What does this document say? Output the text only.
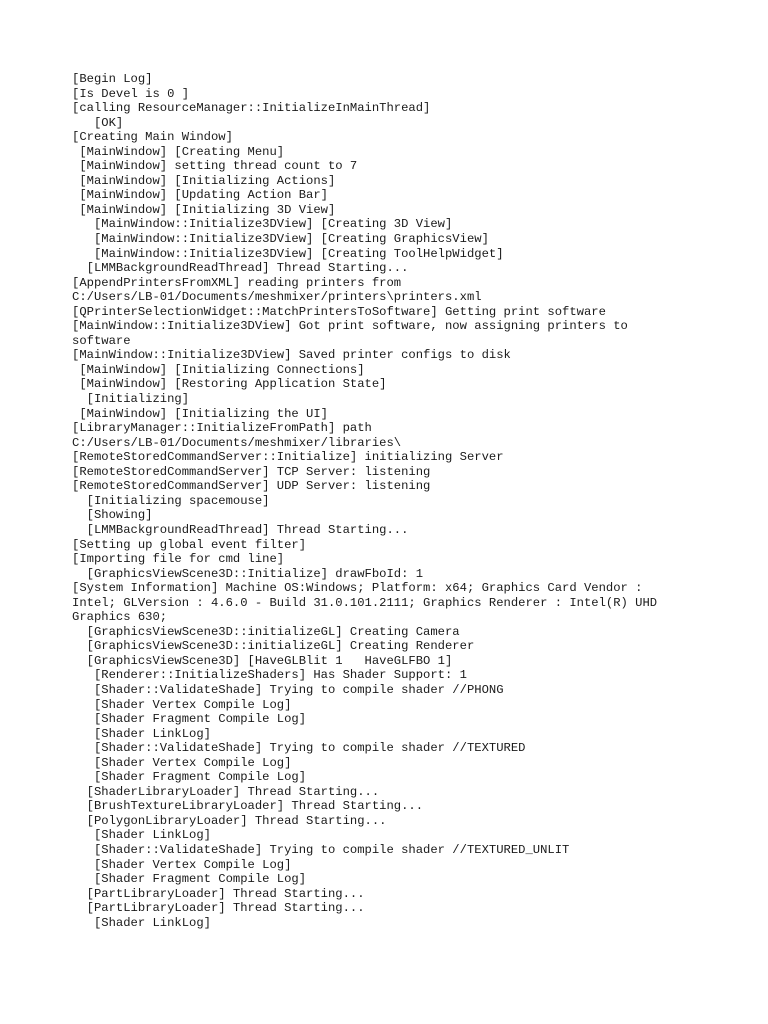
[Begin Log]
[Is Devel is 0 ]
[calling ResourceManager::InitializeInMainThread]
[OK]
[Creating Main Window]
[MainWindow] [Creating Menu]
[MainWindow] setting thread count to 7
[MainWindow] [Initializing Actions]
[MainWindow] [Updating Action Bar]
[MainWindow] [Initializing 3D View]
[MainWindow::Initialize3DView] [Creating 3D View]
[MainWindow::Initialize3DView] [Creating GraphicsView]
[MainWindow::Initialize3DView] [Creating ToolHelpWidget]
[LMMBackgroundReadThread] Thread Starting...
[AppendPrintersFromXML] reading printers from
C:/Users/LB-01/Documents/meshmixer/printers\printers.xml
[QPrinterSelectionWidget::MatchPrintersToSoftware] Getting print software
[MainWindow::Initialize3DView] Got print software, now assigning printers to
software
[MainWindow::Initialize3DView] Saved printer configs to disk
[MainWindow] [Initializing Connections]
[MainWindow] [Restoring Application State]
[Initializing]
[MainWindow] [Initializing the UI]
[LibraryManager::InitializeFromPath] path
C:/Users/LB-01/Documents/meshmixer/libraries\
[RemoteStoredCommandServer::Initialize] initializing Server
[RemoteStoredCommandServer] TCP Server: listening
[RemoteStoredCommandServer] UDP Server: listening
[Initializing spacemouse]
[Showing]
[LMMBackgroundReadThread] Thread Starting...
[Setting up global event filter]
[Importing file for cmd line]
[GraphicsViewScene3D::Initialize] drawFboId: 1
[System Information] Machine OS:Windows; Platform: x64; Graphics Card Vendor :
Intel; GLVersion : 4.6.0 - Build 31.0.101.2111; Graphics Renderer : Intel(R) UHD
Graphics 630;
[GraphicsViewScene3D::initializeGL] Creating Camera
[GraphicsViewScene3D::initializeGL] Creating Renderer
[GraphicsViewScene3D] [HaveGLBlit 1   HaveGLFBO 1]
[Renderer::InitializeShaders] Has Shader Support: 1
[Shader::ValidateShade] Trying to compile shader //PHONG
[Shader Vertex Compile Log]
[Shader Fragment Compile Log]
[Shader LinkLog]
[Shader::ValidateShade] Trying to compile shader //TEXTURED
[Shader Vertex Compile Log]
[Shader Fragment Compile Log]
[ShaderLibraryLoader] Thread Starting...
[BrushTextureLibraryLoader] Thread Starting...
[PolygonLibraryLoader] Thread Starting...
[Shader LinkLog]
[Shader::ValidateShade] Trying to compile shader //TEXTURED_UNLIT
[Shader Vertex Compile Log]
[Shader Fragment Compile Log]
[PartLibraryLoader] Thread Starting...
[PartLibraryLoader] Thread Starting...
[Shader LinkLog]
